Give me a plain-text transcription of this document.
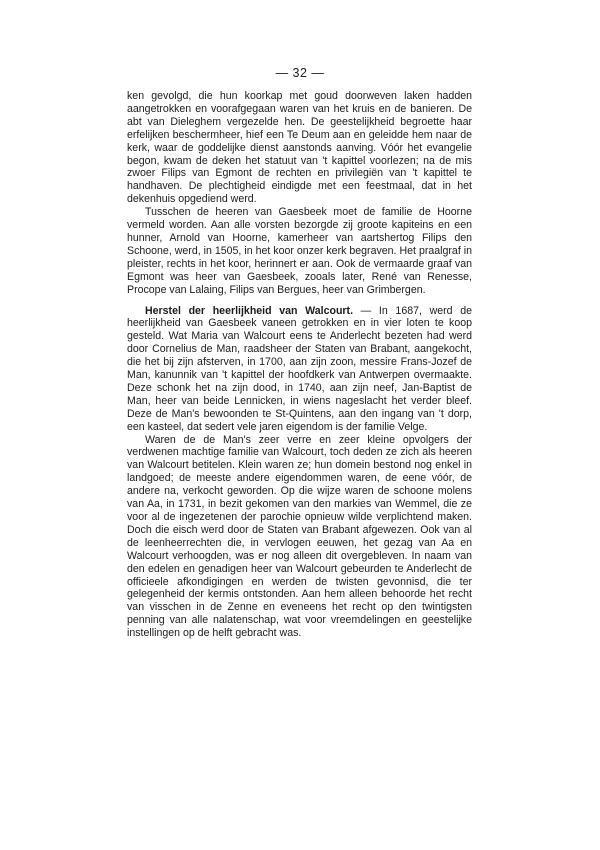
— 32 —

ken gevolgd, die hun koorkap met goud doorweven laken hadden aangetrokken en voorafgegaan waren van het kruis en de banieren. De abt van Dieleghem vergezelde hen. De geestelijkheid begroette haar erfelijken beschermheer, hief een Te Deum aan en geleidde hem naar de kerk, waar de goddelijke dienst aanstonds aanving. Vóór het evangelie begon, kwam de deken het statuut van 't kapittel voorlezen; na de mis zwoer Filips van Egmont de rechten en privilegiën van 't kapittel te handhaven. De plechtigheid eindigde met een feestmaal, dat in het dekenhuis opgediend werd.

Tusschen de heeren van Gaesbeek moet de familie de Hoorne vermeld worden. Aan alle vorsten bezorgde zij groote kapiteins en een hunner, Arnold van Hoorne, kamerheer van aartshertog Filips den Schoone, werd, in 1505, in het koor onzer kerk begraven. Het praalgraf in pleister, rechts in het koor, herinnert er aan. Ook de vermaarde graaf van Egmont was heer van Gaesbeek, zooals later, René van Renesse, Procope van Lalaing, Filips van Bergues, heer van Grimbergen.

Herstel der heerlijkheid van Walcourt. — In 1687, werd de heerlijkheid van Gaesbeek vaneen getrokken en in vier loten te koop gesteld. Wat Maria van Walcourt eens te Anderlecht bezeten had werd door Cornelius de Man, raadsheer der Staten van Brabant, aangekocht, die het bij zijn afsterven, in 1700, aan zijn zoon, messire Frans-Jozef de Man, kanunnik van 't kapittel der hoofdkerk van Antwerpen overmaakte. Deze schonk het na zijn dood, in 1740, aan zijn neef, Jan-Baptist de Man, heer van beide Lennicken, in wiens nageslacht het verder bleef. Deze de Man's bewoonden te St-Quintens, aan den ingang van 't dorp, een kasteel, dat sedert vele jaren eigendom is der familie Velge.

Waren de de Man's zeer verre en zeer kleine opvolgers der verdwenen machtige familie van Walcourt, toch deden ze zich als heeren van Walcourt betitelen. Klein waren ze; hun domein bestond nog enkel in landgoed; de meeste andere eigendommen waren, de eene vóór, de andere na, verkocht geworden. Op die wijze waren de schoone molens van Aa, in 1731, in bezit gekomen van den markies van Wemmel, die ze voor al de ingezetenen der parochie opnieuw wilde verplichtend maken. Doch die eisch werd door de Staten van Brabant afgewezen. Ook van al de leenheerrechten die, in vervlogen eeuwen, het gezag van Aa en Walcourt verhoogden, was er nog alleen dit overgebleven. In naam van den edelen en genadigen heer van Walcourt gebeurden te Anderlecht de officieele afkondigingen en werden de twisten gevonnisd, die ter gelegenheid der kermis ontstonden. Aan hem alleen behoorde het recht van visschen in de Zenne en eveneens het recht op den twintigsten penning van alle nalatenschap, wat voor vreemdelingen en geestelijke instellingen op de helft gebracht was.
